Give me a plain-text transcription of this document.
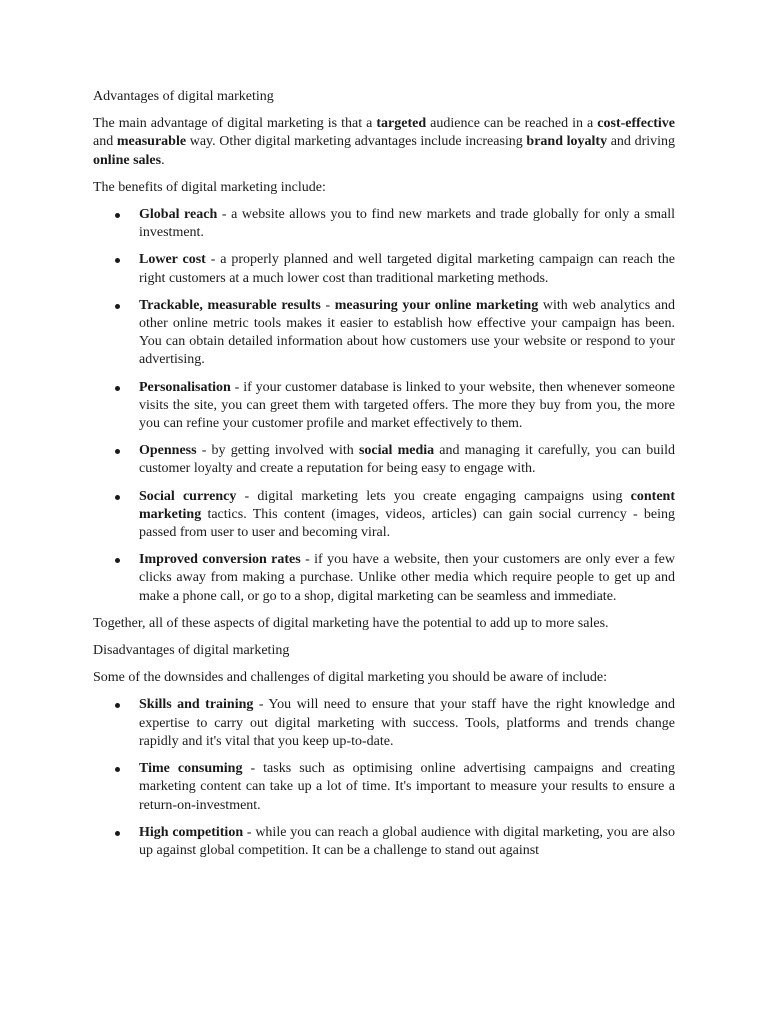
Advantages of digital marketing

The main advantage of digital marketing is that a targeted audience can be reached in a cost-effective and measurable way. Other digital marketing advantages include increasing brand loyalty and driving online sales.

The benefits of digital marketing include:

Global reach - a website allows you to find new markets and trade globally for only a small investment.
Lower cost - a properly planned and well targeted digital marketing campaign can reach the right customers at a much lower cost than traditional marketing methods.
Trackable, measurable results - measuring your online marketing with web analytics and other online metric tools makes it easier to establish how effective your campaign has been. You can obtain detailed information about how customers use your website or respond to your advertising.
Personalisation - if your customer database is linked to your website, then whenever someone visits the site, you can greet them with targeted offers. The more they buy from you, the more you can refine your customer profile and market effectively to them.
Openness - by getting involved with social media and managing it carefully, you can build customer loyalty and create a reputation for being easy to engage with.
Social currency - digital marketing lets you create engaging campaigns using content marketing tactics. This content (images, videos, articles) can gain social currency - being passed from user to user and becoming viral.
Improved conversion rates - if you have a website, then your customers are only ever a few clicks away from making a purchase. Unlike other media which require people to get up and make a phone call, or go to a shop, digital marketing can be seamless and immediate.

Together, all of these aspects of digital marketing have the potential to add up to more sales.

Disadvantages of digital marketing

Some of the downsides and challenges of digital marketing you should be aware of include:

Skills and training - You will need to ensure that your staff have the right knowledge and expertise to carry out digital marketing with success. Tools, platforms and trends change rapidly and it's vital that you keep up-to-date.
Time consuming - tasks such as optimising online advertising campaigns and creating marketing content can take up a lot of time. It's important to measure your results to ensure a return-on-investment.
High competition - while you can reach a global audience with digital marketing, you are also up against global competition. It can be a challenge to stand out against
